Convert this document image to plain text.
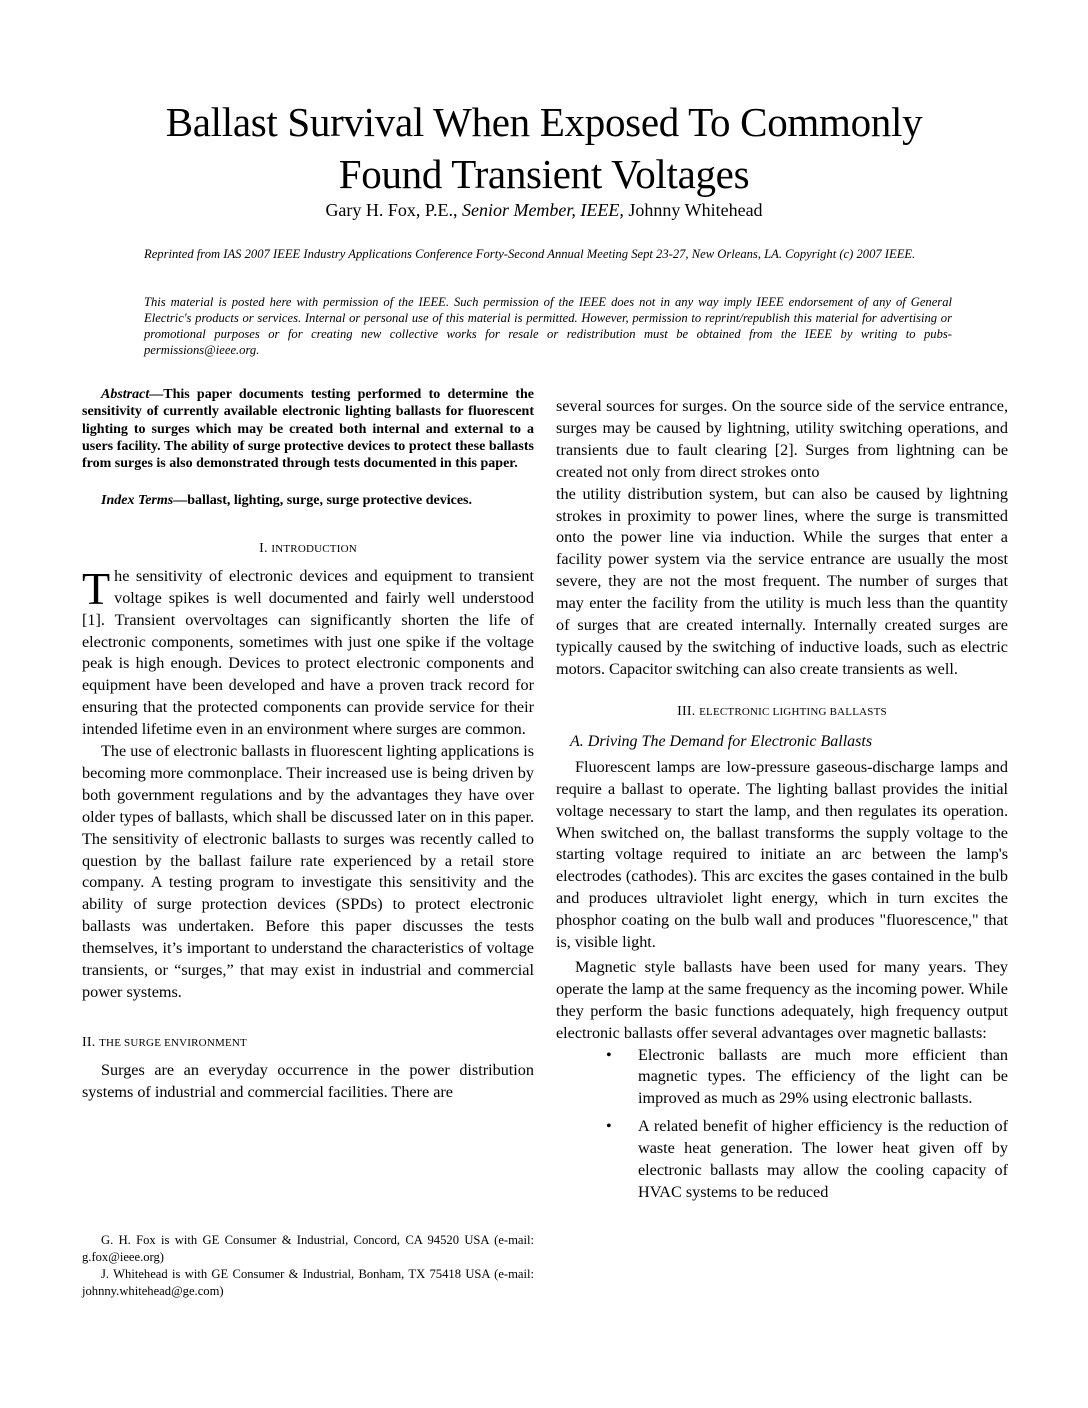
Ballast Survival When Exposed To Commonly
Found Transient Voltages
Gary H. Fox, P.E., Senior Member, IEEE, Johnny Whitehead
Reprinted from IAS 2007 IEEE Industry Applications Conference Forty-Second Annual Meeting Sept 23-27, New Orleans, LA. Copyright (c) 2007 IEEE.
This material is posted here with permission of the IEEE. Such permission of the IEEE does not in any way imply IEEE endorsement of any of General Electric's products or services. Internal or personal use of this material is permitted. However, permission to reprint/republish this material for advertising or promotional purposes or for creating new collective works for resale or redistribution must be obtained from the IEEE by writing to pubs-permissions@ieee.org.

Abstract—This paper documents testing performed to determine the sensitivity of currently available electronic lighting ballasts for fluorescent lighting to surges which may be created both internal and external to a users facility. The ability of surge protective devices to protect these ballasts from surges is also demonstrated through tests documented in this paper.

Index Terms—ballast, lighting, surge, surge protective devices.

I. INTRODUCTION

The sensitivity of electronic devices and equipment to transient voltage spikes is well documented and fairly well understood [1]. Transient overvoltages can significantly shorten the life of electronic components, sometimes with just one spike if the voltage peak is high enough. Devices to protect electronic components and equipment have been developed and have a proven track record for ensuring that the protected components can provide service for their intended lifetime even in an environment where surges are common.

The use of electronic ballasts in fluorescent lighting applications is becoming more commonplace. Their increased use is being driven by both government regulations and by the advantages they have over older types of ballasts, which shall be discussed later on in this paper. The sensitivity of electronic ballasts to surges was recently called to question by the ballast failure rate experienced by a retail store company. A testing program to investigate this sensitivity and the ability of surge protection devices (SPDs) to protect electronic ballasts was undertaken. Before this paper discusses the tests themselves, it’s important to understand the characteristics of voltage transients, or “surges,” that may exist in industrial and commercial power systems.

II. THE SURGE ENVIRONMENT

Surges are an everyday occurrence in the power distribution systems of industrial and commercial facilities. There are

G. H. Fox is with GE Consumer & Industrial, Concord, CA 94520 USA (e-mail: g.fox@ieee.org)

J. Whitehead is with GE Consumer & Industrial, Bonham, TX 75418 USA (e-mail: johnny.whitehead@ge.com)

several sources for surges. On the source side of the service entrance, surges may be caused by lightning, utility switching operations, and transients due to fault clearing [2]. Surges from lightning can be created not only from direct strokes onto

the utility distribution system, but can also be caused by lightning strokes in proximity to power lines, where the surge is transmitted onto the power line via induction. While the surges that enter a facility power system via the service entrance are usually the most severe, they are not the most frequent. The number of surges that may enter the facility from the utility is much less than the quantity of surges that are created internally. Internally created surges are typically caused by the switching of inductive loads, such as electric motors. Capacitor switching can also create transients as well.

III. ELECTRONIC LIGHTING BALLASTS
A. Driving The Demand for Electronic Ballasts

Fluorescent lamps are low-pressure gaseous-discharge lamps and require a ballast to operate. The lighting ballast provides the initial voltage necessary to start the lamp, and then regulates its operation. When switched on, the ballast transforms the supply voltage to the starting voltage required to initiate an arc between the lamp's electrodes (cathodes). This arc excites the gases contained in the bulb and produces ultraviolet light energy, which in turn excites the phosphor coating on the bulb wall and produces "fluorescence," that is, visible light.

Magnetic style ballasts have been used for many years. They operate the lamp at the same frequency as the incoming power. While they perform the basic functions adequately, high frequency output electronic ballasts offer several advantages over magnetic ballasts:

• Electronic ballasts are much more efficient than magnetic types. The efficiency of the light can be improved as much as 29% using electronic ballasts.
• A related benefit of higher efficiency is the reduction of waste heat generation. The lower heat given off by electronic ballasts may allow the cooling capacity of HVAC systems to be reduced
